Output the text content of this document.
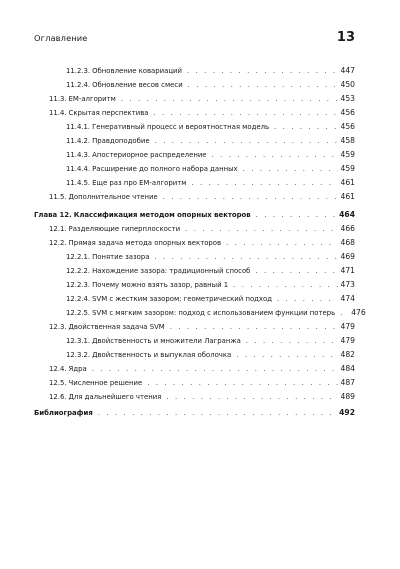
Оглавление	13
11.2.3. Обновление ковариаций . . .	447
11.2.4. Обновление весов смеси . . .	450
11.3. ЕМ-алгоритм . . .	453
11.4. Скрытая перспектива . . .	456
11.4.1. Генеративный процесс и вероятностная модель . . .	456
11.4.2. Правдоподобие . . .	458
11.4.3. Апостериорное распределение . . .	459
11.4.4. Расширение до полного набора данных . . .	459
11.4.5. Еще раз про ЕМ-алгоритм . . .	461
11.5. Дополнительное чтение . . .	461
Глава 12. Классификация методом опорных векторов . . .	464
12.1. Разделяющие гиперплоскости . . .	466
12.2. Прямая задача метода опорных векторов . . .	468
12.2.1. Понятие зазора . . .	469
12.2.2. Нахождение зазора: традиционный способ . . .	471
12.2.3. Почему можно взять зазор, равный 1 . . .	473
12.2.4. SVM с жестким зазором: геометрический подход . . .	474
12.2.5. SVM с мягким зазором: подход с использованием функции потерь . . . 476
12.3. Двойственная задача SVM . . .	479
12.3.1. Двойственность и множители Лагранжа . . .	479
12.3.2. Двойственность и выпуклая оболочка . . .	482
12.4. Ядра . . .	484
12.5. Численное решение . . .	487
12.6. Для дальнейшего чтения . . .	489
Библиография . . .	492
